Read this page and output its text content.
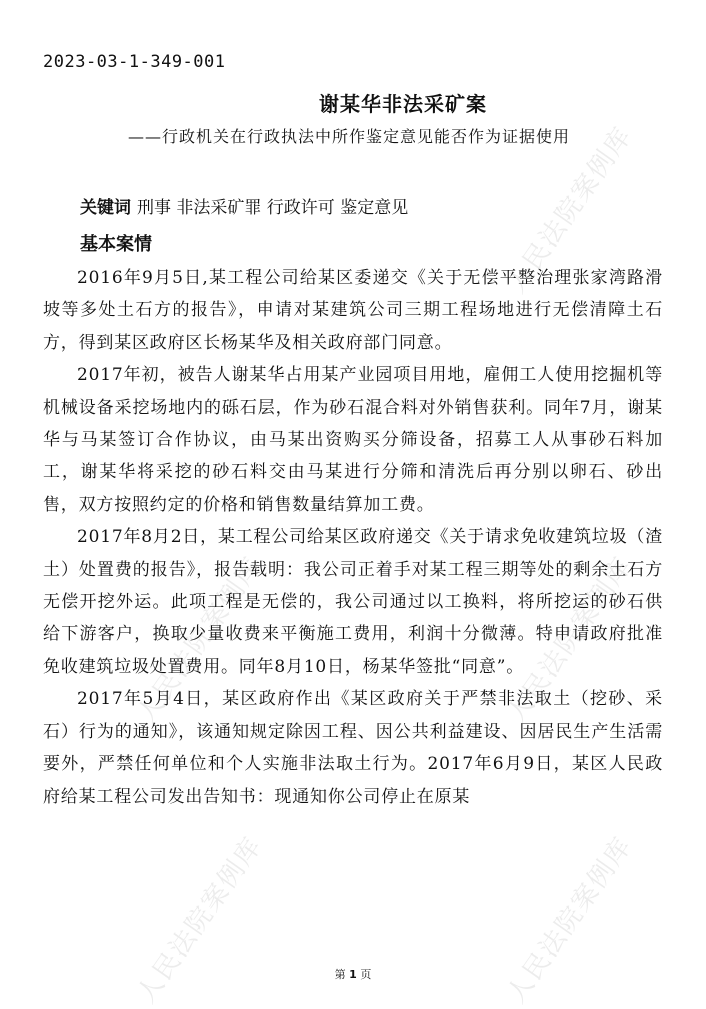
人民法院案例库
人民法院案例库	人民法院案例库
人民法院案例库	人民法院案例库
2023-03-1-349-001
谢某华非法采矿案
——行政机关在行政执法中所作鉴定意见能否作为证据使用
关键词 刑事 非法采矿罪 行政许可 鉴定意见
基本案情

2016年9月5日,某工程公司给某区委递交《关于无偿平整治理张家湾路滑坡等多处土石方的报告》，申请对某建筑公司三期工程场地进行无偿清障土石方，得到某区政府区长杨某华及相关政府部门同意。

2017年初，被告人谢某华占用某产业园项目用地，雇佣工人使用挖掘机等机械设备采挖场地内的砾石层，作为砂石混合料对外销售获利。同年7月，谢某华与马某签订合作协议，由马某出资购买分筛设备，招募工人从事砂石料加工，谢某华将采挖的砂石料交由马某进行分筛和清洗后再分别以卵石、砂出售，双方按照约定的价格和销售数量结算加工费。

2017年8月2日，某工程公司给某区政府递交《关于请求免收建筑垃圾（渣土）处置费的报告》，报告载明：我公司正着手对某工程三期等处的剩余土石方无偿开挖外运。此项工程是无偿的，我公司通过以工换料，将所挖运的砂石供给下游客户，换取少量收费来平衡施工费用，利润十分微薄。特申请政府批准免收建筑垃圾处置费用。同年8月10日，杨某华签批“同意”。

2017年5月4日，某区政府作出《某区政府关于严禁非法取土（挖砂、采石）行为的通知》，该通知规定除因工程、因公共利益建设、因居民生产生活需要外，严禁任何单位和个人实施非法取土行为。2017年6月9日，某区人民政府给某工程公司发出告知书：现通知你公司停止在原某

第 1 页
